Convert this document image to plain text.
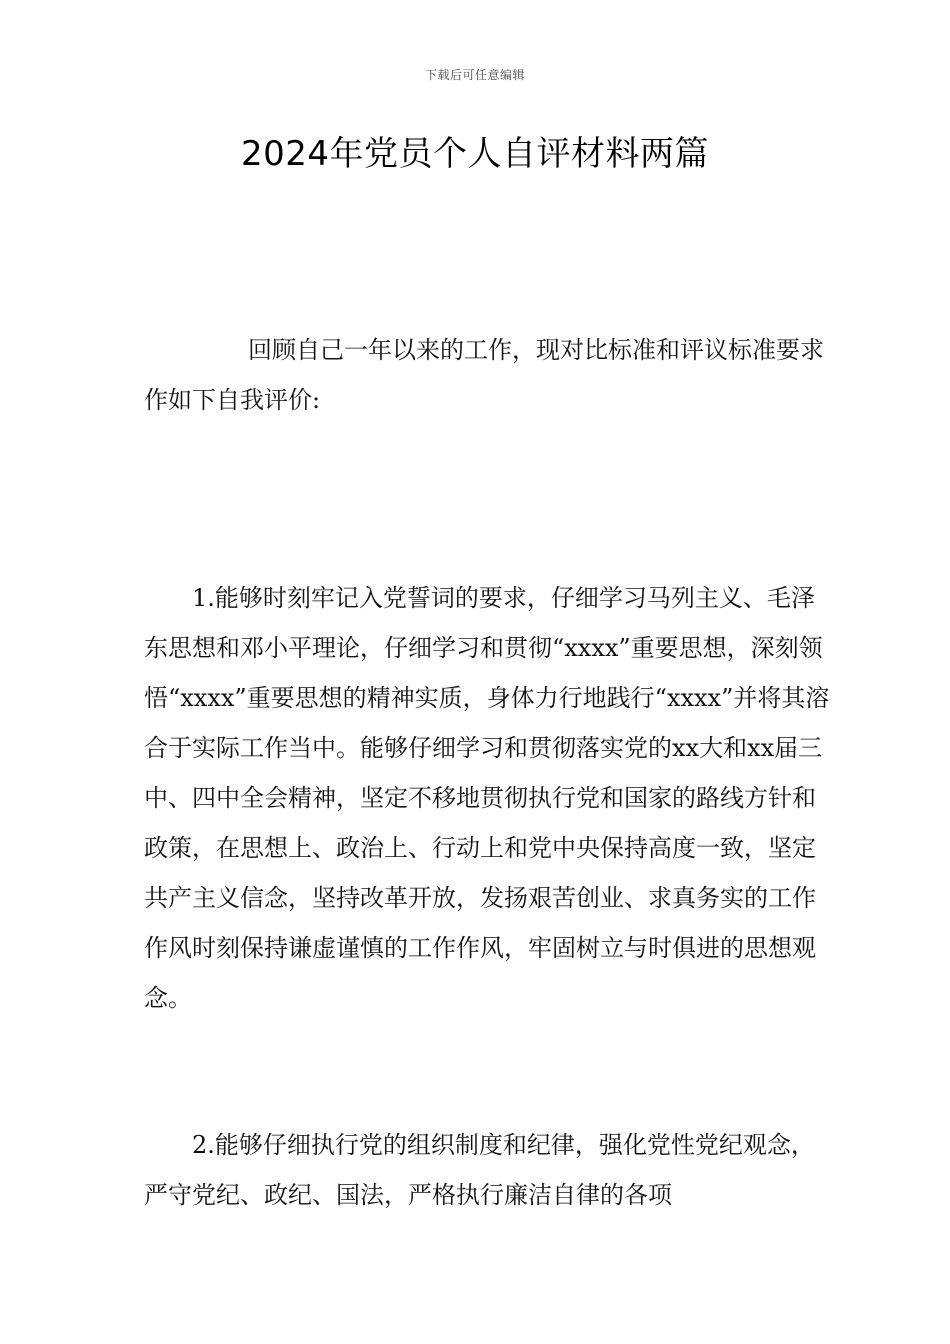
下载后可任意编辑
2024年党员个人自评材料两篇

回顾自己一年以来的工作，现对比标准和评议标准要求作如下自我评价:

1.能够时刻牢记入党誓词的要求，仔细学习马列主义、毛泽东思想和邓小平理论，仔细学习和贯彻“xxxx”重要思想，深刻领悟“xxxx”重要思想的精神实质，身体力行地践行“xxxx”并将其溶合于实际工作当中。能够仔细学习和贯彻落实党的xx大和xx届三中、四中全会精神，坚定不移地贯彻执行党和国家的路线方针和政策，在思想上、政治上、行动上和党中央保持高度一致，坚定共产主义信念，坚持改革开放，发扬艰苦创业、求真务实的工作作风时刻保持谦虚谨慎的工作作风，牢固树立与时俱进的思想观念。

2.能够仔细执行党的组织制度和纪律，强化党性党纪观念，严守党纪、政纪、国法，严格执行廉洁自律的各项
